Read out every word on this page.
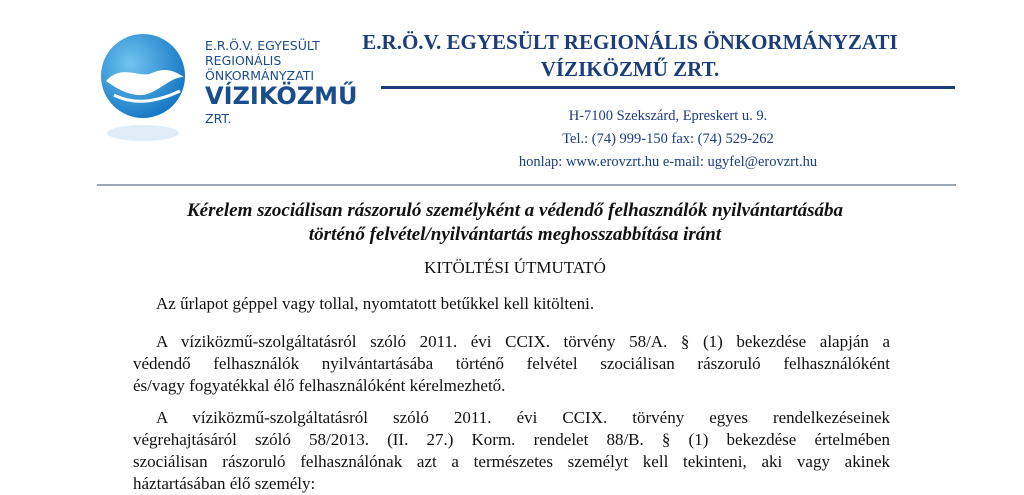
E.R.Ö.V. EGYESÜLT
REGIONÁLIS
ÖNKORMÁNYZATI
VÍZIKÖZMŰ
ZRT.
E.R.Ö.V. EGYESÜLT REGIONÁLIS ÖNKORMÁNYZATI
VÍZIKÖZMŰ ZRT.
H-7100 Szekszárd, Epreskert u. 9.
Tel.: (74) 999-150 fax: (74) 529-262
honlap: www.erovzrt.hu e-mail: ugyfel@erovzrt.hu
Kérelem szociálisan rászoruló személyként a védendő felhasználók nyilvántartásába
történő felvétel/nyilvántartás meghosszabbítása iránt
KITÖLTÉSI ÚTMUTATÓ
Az űrlapot géppel vagy tollal, nyomtatott betűkkel kell kitölteni.
A víziközmű-szolgáltatásról szóló 2011. évi CCIX. törvény 58/A. § (1) bekezdése alapján a
védendő felhasználók nyilvántartásába történő felvétel szociálisan rászoruló felhasználóként
és/vagy fogyatékkal élő felhasználóként kérelmezhető.
A víziközmű-szolgáltatásról szóló 2011. évi CCIX. törvény egyes rendelkezéseinek
végrehajtásáról szóló 58/2013. (II. 27.) Korm. rendelet 88/B. § (1) bekezdése értelmében
szociálisan rászoruló felhasználónak azt a természetes személyt kell tekinteni, aki vagy akinek
háztartásában élő személy:
